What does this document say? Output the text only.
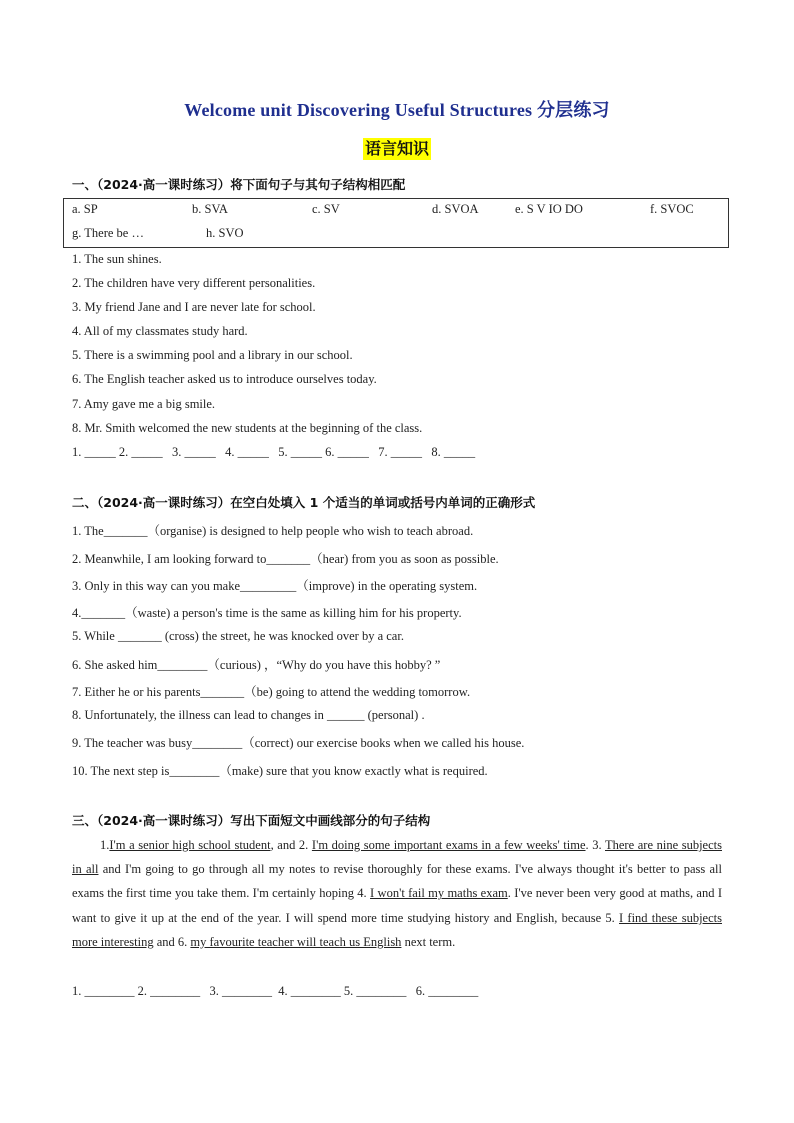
Welcome unit Discovering Useful Structures 分层练习
语言知识
一、（2024·高一课时练习）将下面句子与其句子结构相匹配
a. SP	b. SVA	c. SV	d. SVOA	e. S V IO DO	f. SVOC
g. There be …	h. SVO
1. The sun shines.
2. The children have very different personalities.
3. My friend Jane and I are never late for school.
4. All of my classmates study hard.
5. There is a swimming pool and a library in our school.
6. The English teacher asked us to introduce ourselves today.
7. Amy gave me a big smile.
8. Mr. Smith welcomed the new students at the beginning of the class.
1. _____ 2. _____   3. _____   4. _____   5. _____ 6. _____   7. _____   8. _____
二、（2024·高一课时练习）在空白处填入 1 个适当的单词或括号内单词的正确形式
1. The_______（organise) is designed to help people who wish to teach abroad.
2. Meanwhile, I am looking forward to_______（hear) from you as soon as possible.
3. Only in this way can you make_________（improve) in the operating system.
4._______（waste) a person's time is the same as killing him for his property.
5. While _______ (cross) the street, he was knocked over by a car.
6. She asked him________（curious) ，“Why do you have this hobby? ”
7. Either he or his parents_______（be) going to attend the wedding tomorrow.
8. Unfortunately, the illness can lead to changes in ______ (personal) .
9. The teacher was busy________（correct) our exercise books when we called his house.
10. The next step is________（make) sure that you know exactly what is required.
三、（2024·高一课时练习）写出下面短文中画线部分的句子结构
1.I'm a senior high school student, and 2. I'm doing some important exams in a few weeks' time. 3. There are nine subjects in all and I'm going to go through all my notes to revise thoroughly for these exams. I've always thought it's better to pass all exams the first time you take them. I'm certainly hoping 4. I won't fail my maths exam. I've never been very good at maths, and I want to give it up at the end of the year. I will spend more time studying history and English, because 5. I find these subjects more interesting and 6. my favourite teacher will teach us English next term.
1. ________ 2. ________   3. ________  4. ________ 5. ________   6. ________
